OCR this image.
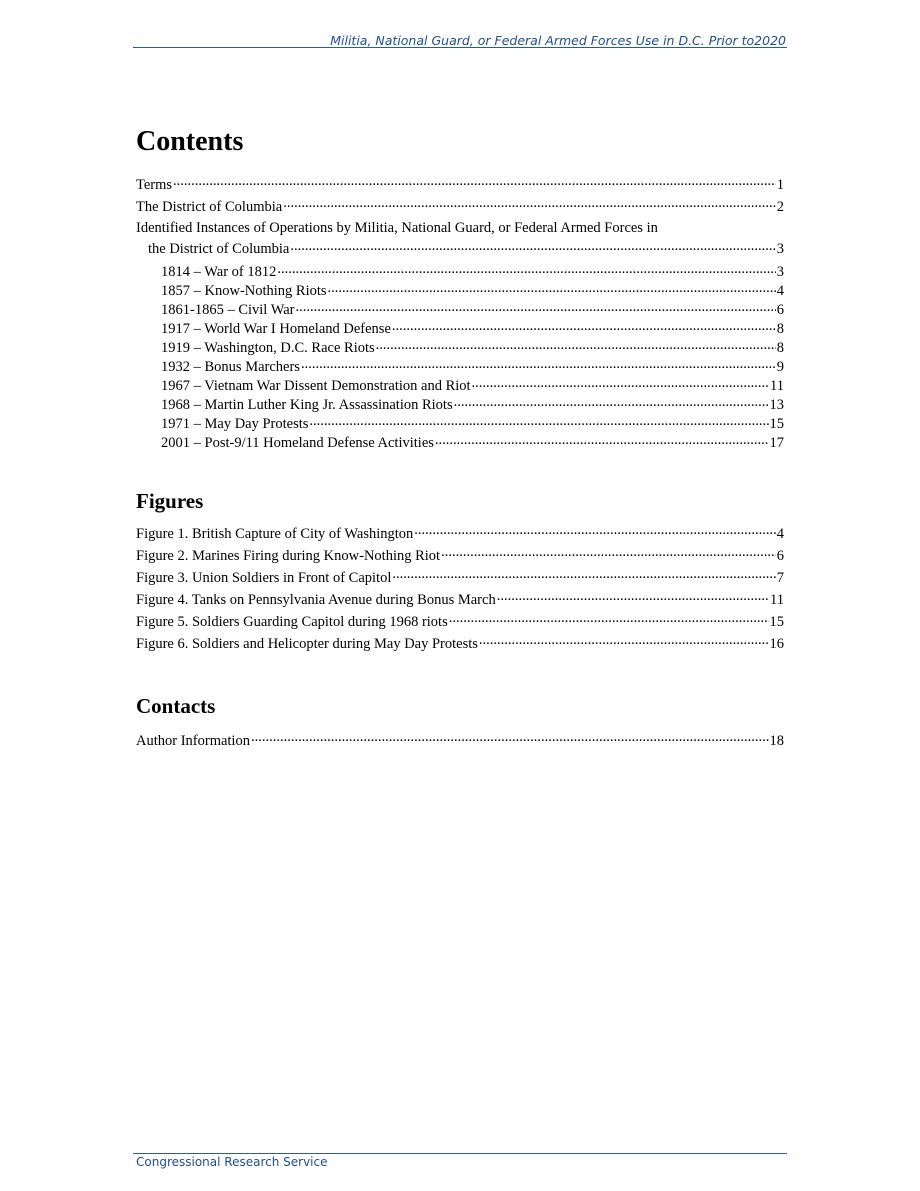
Militia, National Guard, or Federal Armed Forces Use in D.C. Prior to2020
Contents
Terms .....	1
The District of Columbia .....	2
Identified Instances of Operations by Militia, National Guard, or Federal Armed Forces in
the District of Columbia .....	3
1814 – War of 1812 .....	3
1857 – Know-Nothing Riots .....	4
1861-1865 – Civil War .....	6
1917 – World War I Homeland Defense .....	8
1919 – Washington, D.C. Race Riots .....	8
1932 – Bonus Marchers .....	9
1967 – Vietnam War Dissent Demonstration and Riot .....	11
1968 – Martin Luther King Jr. Assassination Riots .....	13
1971 – May Day Protests .....	15
2001 – Post-9/11 Homeland Defense Activities .....	17
Figures
Figure 1. British Capture of City of Washington .....	4
Figure 2. Marines Firing during Know-Nothing Riot .....	6
Figure 3. Union Soldiers in Front of Capitol .....	7
Figure 4. Tanks on Pennsylvania Avenue during Bonus March .....	11
Figure 5. Soldiers Guarding Capitol during 1968 riots .....	15
Figure 6. Soldiers and Helicopter during May Day Protests .....	16
Contacts
Author Information .....	18
Congressional Research Service
